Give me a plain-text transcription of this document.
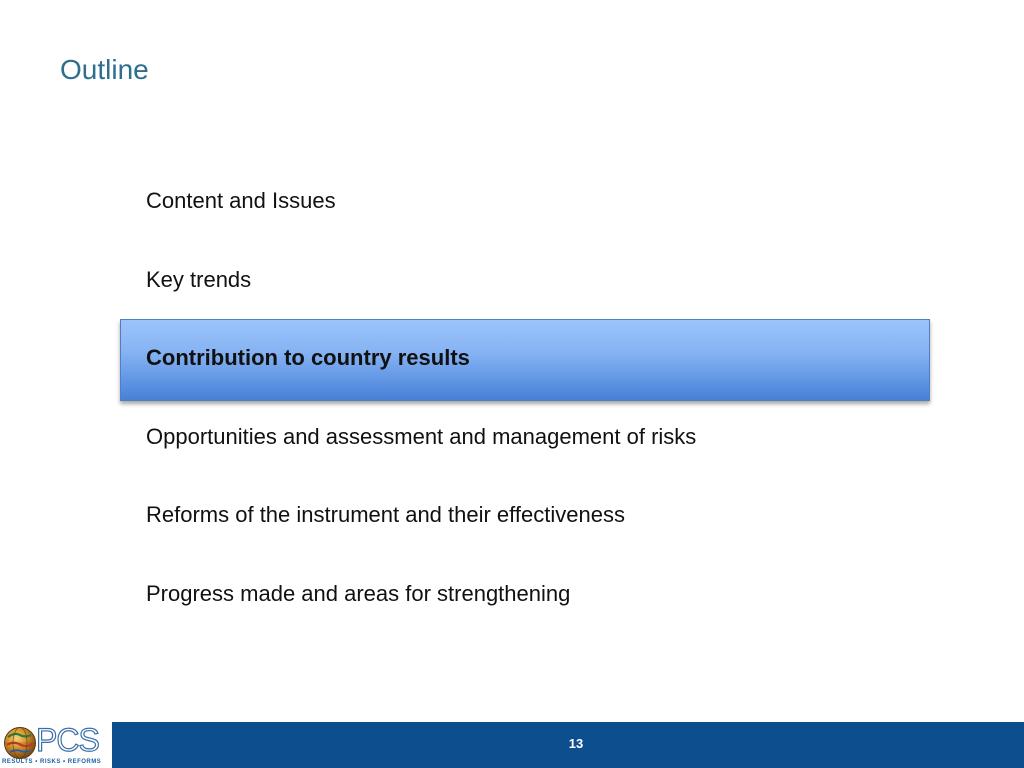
Outline
Content and Issues
Key trends
Contribution to country results
Opportunities and assessment and management of risks
Reforms of the instrument and their effectiveness
Progress made and areas for strengthening
PCS
RESULTS • RISKS • REFORMS
13
